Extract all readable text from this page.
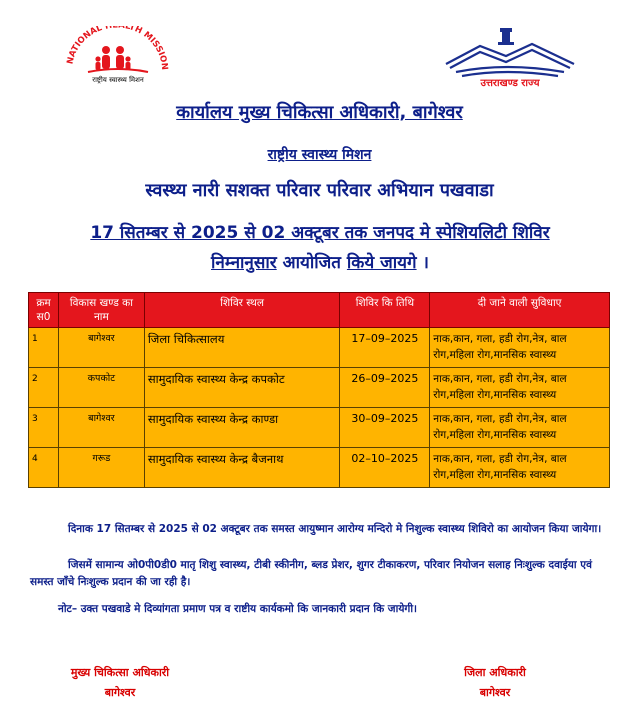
NATIONAL H LTH MISSION
राष्ट्रीय स्वास्थ्य मिशन	उत्तराखण्ड राज्य
कार्यालय मुख्य चिकित्सा अधिकारी, बागेश्वर
राष्ट्रीय स्वास्थ्य मिशन
स्वस्थ्य नारी सशक्त परिवार परिवार अभियान पखवाडा
17 सितम्बर से 2025 से 02 अक्टूबर तक जनपद मे स्पेशियलिटी शिविर
निम्नानुसार आयोजित किये जायगे ।
क्रम स0	विकास खण्ड का नाम	शिविर स्थल	शिविर कि तिथि	दी जाने वाली सुविधाए
1	बागेश्वर	जिला चिकित्सालय	17–09–2025	नाक,कान, गला, हडी रोग,नेत्र, बाल रोग,महिला रोग,मानसिक स्वास्थ्य
2	कपकोट	सामुदायिक स्वास्थ्य केन्द्र कपकोट	26–09–2025	नाक,कान, गला, हडी रोग,नेत्र, बाल रोग,महिला रोग,मानसिक स्वास्थ्य
3	बागेश्वर	सामुदायिक स्वास्थ्य केन्द्र काण्डा	30–09–2025	नाक,कान, गला, हडी रोग,नेत्र, बाल रोग,महिला रोग,मानसिक स्वास्थ्य
4	गरूड	सामुदायिक स्वास्थ्य केन्द्र बैजनाथ	02–10–2025	नाक,कान, गला, हडी रोग,नेत्र, बाल रोग,महिला रोग,मानसिक स्वास्थ्य
दिनाक 17 सितम्बर से 2025 से 02 अक्टूबर तक समस्त आयुष्मान आरोग्य मन्दिरो मे निशुल्क स्वास्थ्य शिविरो का आयोजन किया जायेगा।
जिसमें सामान्य ओ0पी0डी0 मातृ शिशु स्वास्थ्य, टीबी स्कीनीग, ब्लड प्रेशर, शुगर टीकाकरण, परिवार नियोजन सलाह निःशुल्क दवाईया एवं समस्त जाँचे निःशुल्क प्रदान की जा रही है।
नोट– उक्त पखवाडे मे दिव्यांगता प्रमाण पत्र व राष्टीय कार्यकमो कि जानकारी प्रदान कि जायेगी।
मुख्य चिकित्सा अधिकारी
बागेश्वर
जिला अधिकारी
बागेश्वर
